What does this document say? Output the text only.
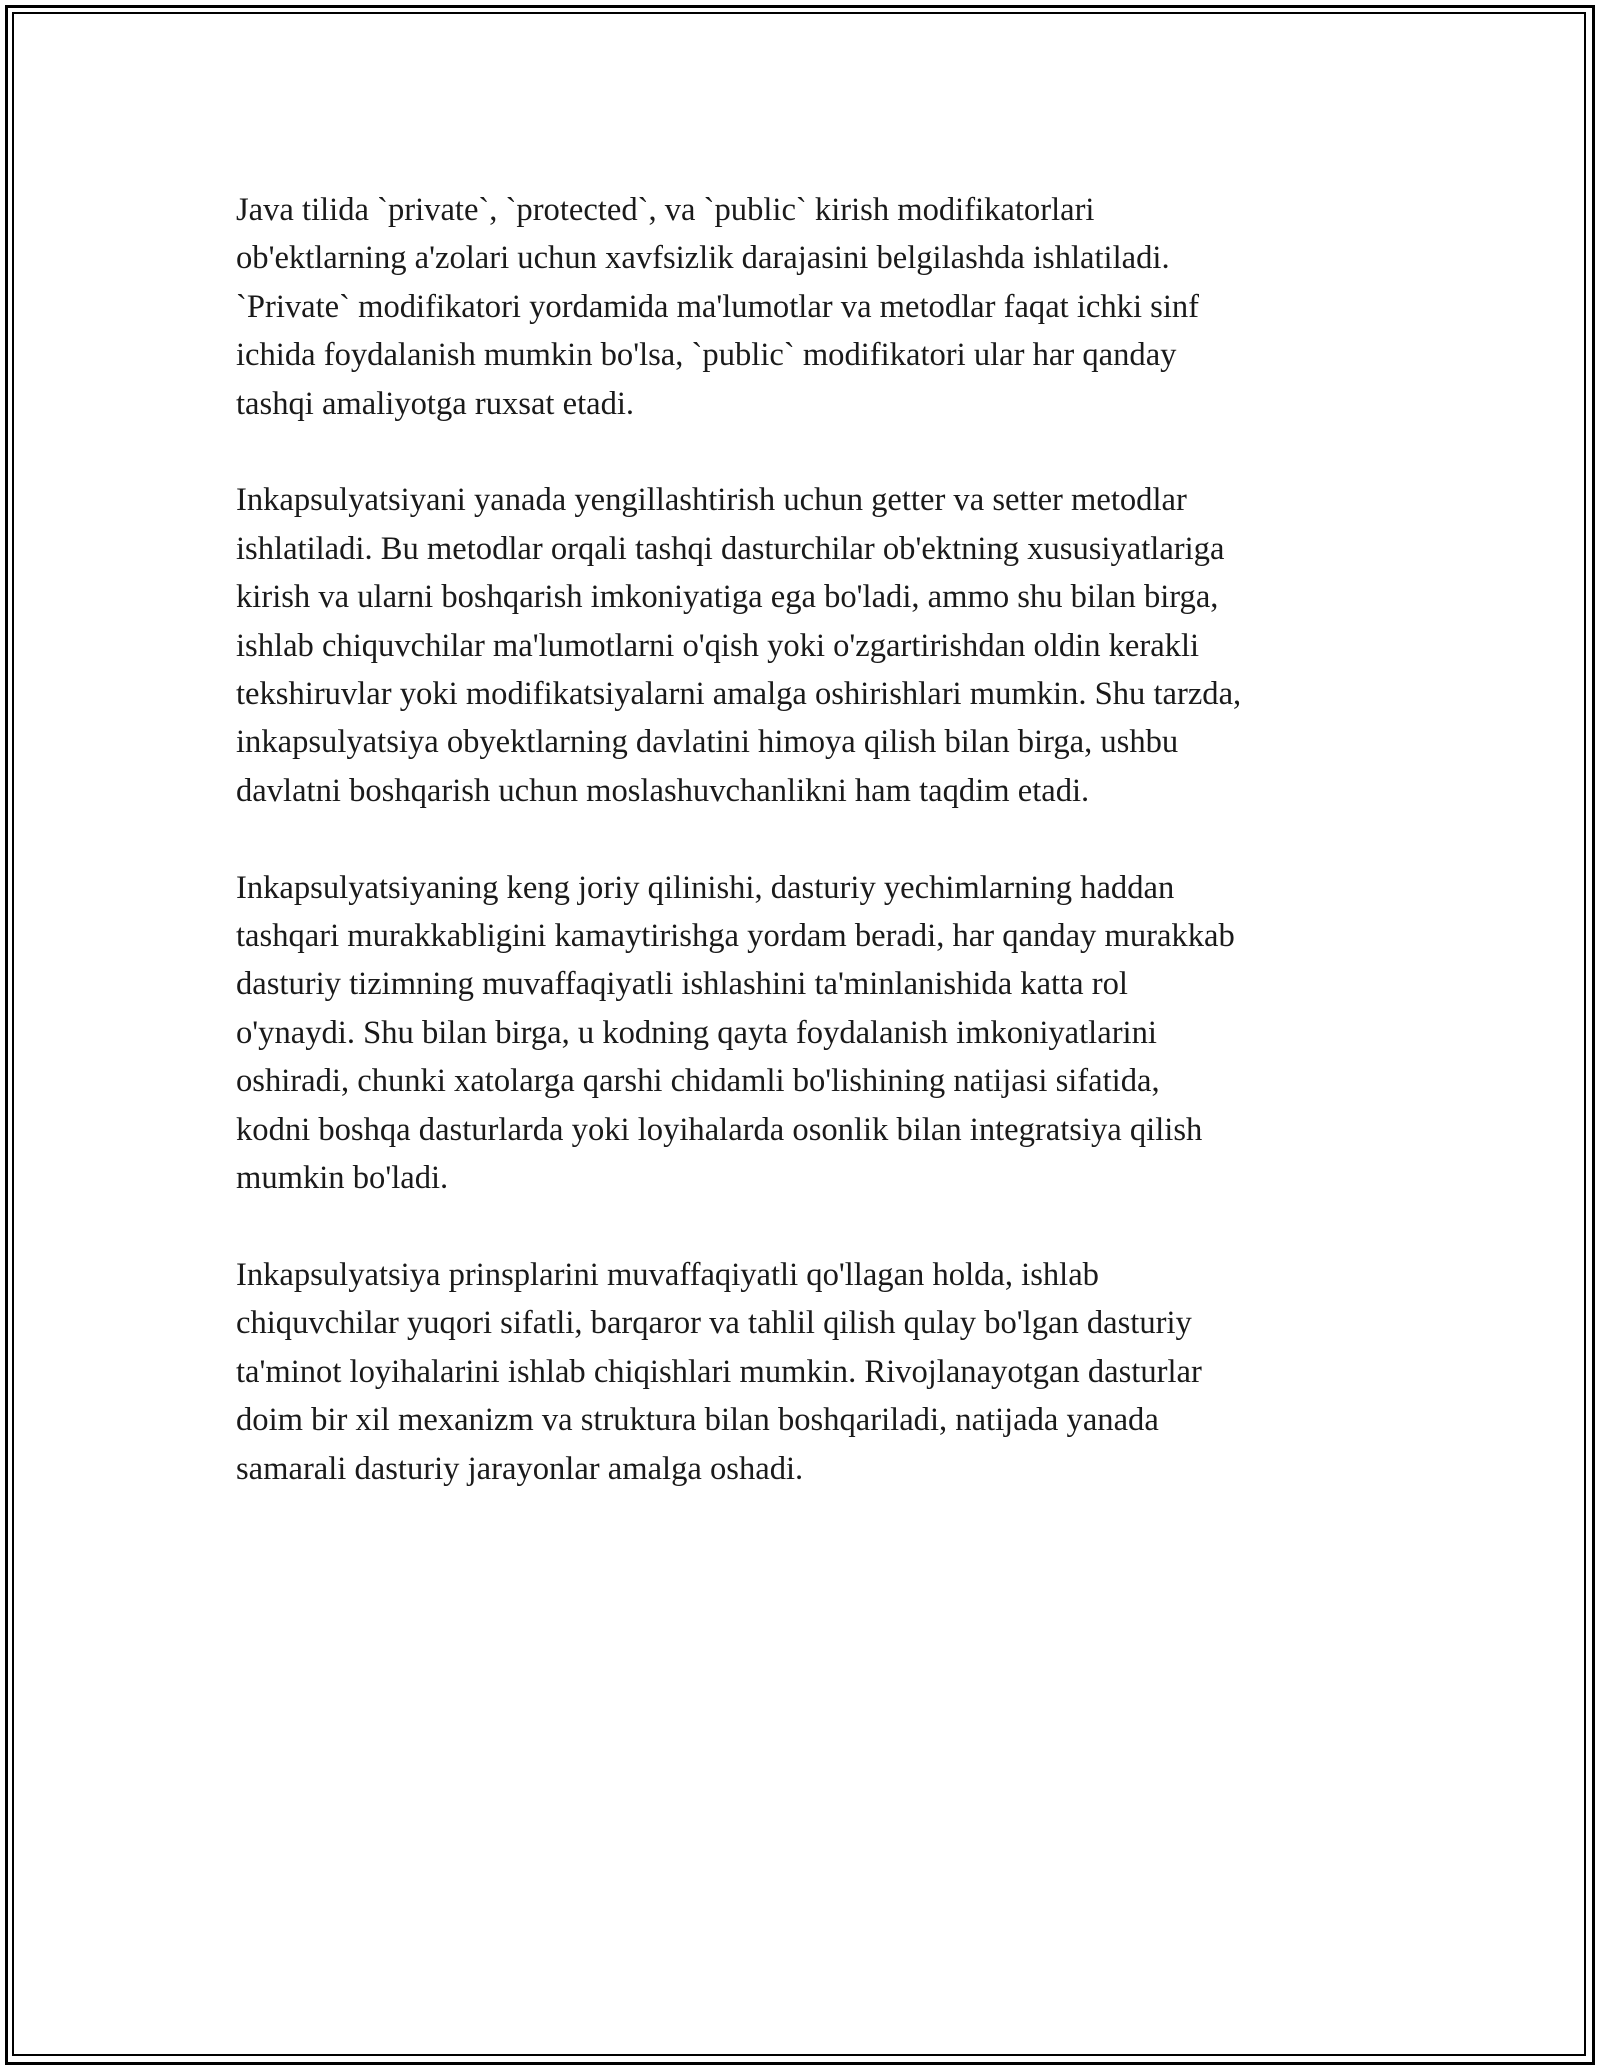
Java tilida `private`, `protected`, va `public` kirish modifikatorlari
ob'ektlarning a'zolari uchun xavfsizlik darajasini belgilashda ishlatiladi.
`Private` modifikatori yordamida ma'lumotlar va metodlar faqat ichki sinf
ichida foydalanish mumkin bo'lsa, `public` modifikatori ular har qanday
tashqi amaliyotga ruxsat etadi.

Inkapsulyatsiyani yanada yengillashtirish uchun getter va setter metodlar
ishlatiladi. Bu metodlar orqali tashqi dasturchilar ob'ektning xususiyatlariga
kirish va ularni boshqarish imkoniyatiga ega bo'ladi, ammo shu bilan birga,
ishlab chiquvchilar ma'lumotlarni o'qish yoki o'zgartirishdan oldin kerakli
tekshiruvlar yoki modifikatsiyalarni amalga oshirishlari mumkin. Shu tarzda,
inkapsulyatsiya obyektlarning davlatini himoya qilish bilan birga, ushbu
davlatni boshqarish uchun moslashuvchanlikni ham taqdim etadi.

Inkapsulyatsiyaning keng joriy qilinishi, dasturiy yechimlarning haddan
tashqari murakkabligini kamaytirishga yordam beradi, har qanday murakkab
dasturiy tizimning muvaffaqiyatli ishlashini ta'minlanishida katta rol
o'ynaydi. Shu bilan birga, u kodning qayta foydalanish imkoniyatlarini
oshiradi, chunki xatolarga qarshi chidamli bo'lishining natijasi sifatida,
kodni boshqa dasturlarda yoki loyihalarda osonlik bilan integratsiya qilish
mumkin bo'ladi.

Inkapsulyatsiya prinsplarini muvaffaqiyatli qo'llagan holda, ishlab
chiquvchilar yuqori sifatli, barqaror va tahlil qilish qulay bo'lgan dasturiy
ta'minot loyihalarini ishlab chiqishlari mumkin. Rivojlanayotgan dasturlar
doim bir xil mexanizm va struktura bilan boshqariladi, natijada yanada
samarali dasturiy jarayonlar amalga oshadi.
